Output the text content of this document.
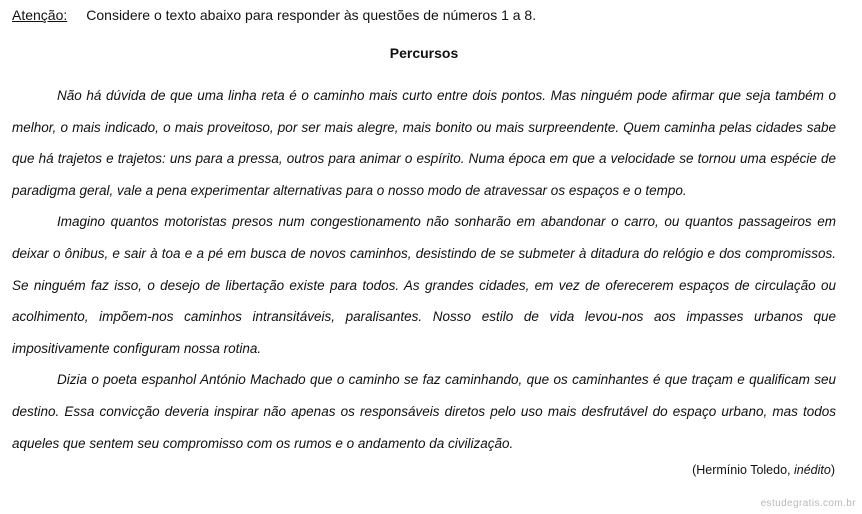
Atenção: Considere o texto abaixo para responder às questões de números 1 a 8.
Percursos

Não há dúvida de que uma linha reta é o caminho mais curto entre dois pontos. Mas ninguém pode afirmar que seja também o melhor, o mais indicado, o mais proveitoso, por ser mais alegre, mais bonito ou mais surpreendente. Quem caminha pelas cidades sabe que há trajetos e trajetos: uns para a pressa, outros para animar o espírito. Numa época em que a velocidade se tornou uma espécie de paradigma geral, vale a pena experimentar alternativas para o nosso modo de atravessar os espaços e o tempo.

Imagino quantos motoristas presos num congestionamento não sonharão em abandonar o carro, ou quantos passageiros em deixar o ônibus, e sair à toa e a pé em busca de novos caminhos, desistindo de se submeter à ditadura do relógio e dos compromissos. Se ninguém faz isso, o desejo de libertação existe para todos. As grandes cidades, em vez de oferecerem espaços de circulação ou acolhimento, impõem-nos caminhos intransitáveis, paralisantes. Nosso estilo de vida levou-nos aos impasses urbanos que impositivamente configuram nossa rotina.

Dizia o poeta espanhol António Machado que o caminho se faz caminhando, que os caminhantes é que traçam e qualificam seu destino. Essa convicção deveria inspirar não apenas os responsáveis diretos pelo uso mais desfrutável do espaço urbano, mas todos aqueles que sentem seu compromisso com os rumos e o andamento da civilização.

(Hermínio Toledo, inédito)
estudegratis.com.br
